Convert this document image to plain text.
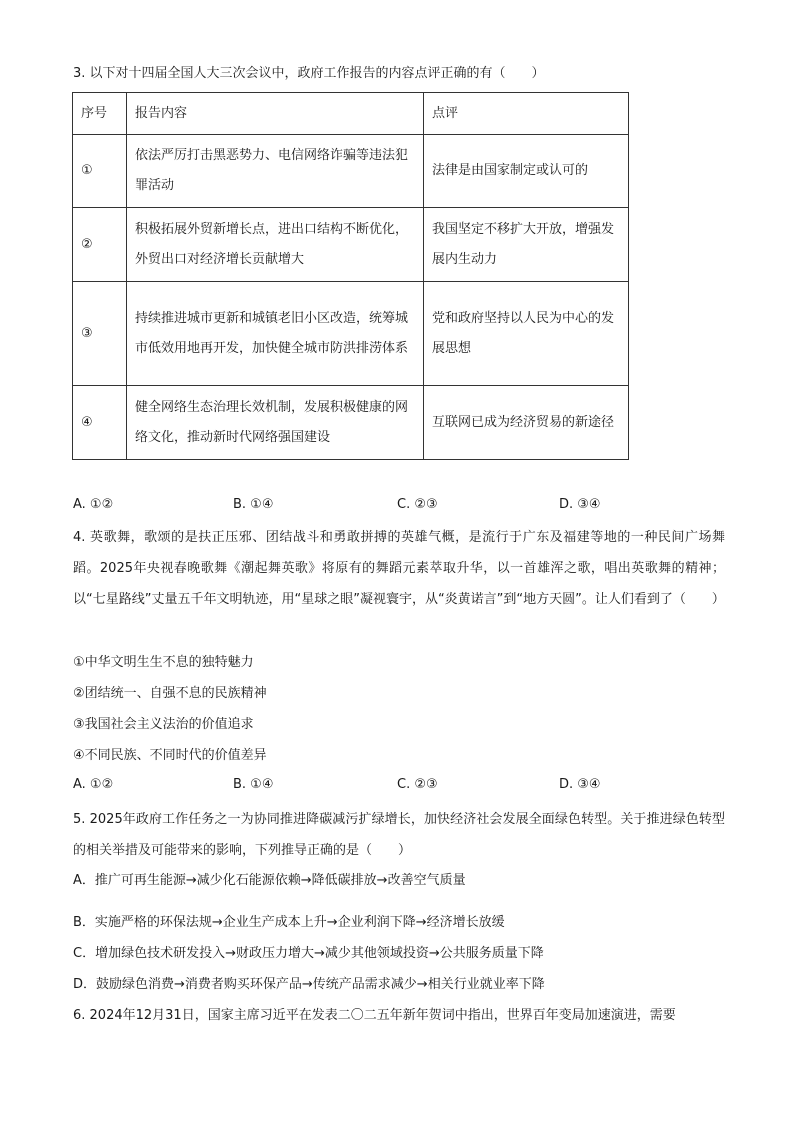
3. 以下对十四届全国人大三次会议中，政府工作报告的内容点评正确的有（　　）
序号	报告内容	点评
①	依法严厉打击黑恶势力、电信网络诈骗等违法犯罪活动	法律是由国家制定或认可的
②	积极拓展外贸新增长点，进出口结构不断优化，外贸出口对经济增长贡献增大	我国坚定不移扩大开放，增强发展内生动力
③	持续推进城市更新和城镇老旧小区改造，统筹城市低效用地再开发，加快健全城市防洪排涝体系	党和政府坚持以人民为中心的发展思想
④	健全网络生态治理长效机制，发展积极健康的网络文化，推动新时代网络强国建设	互联网已成为经济贸易的新途径
A. ①②	B. ①④	C. ②③	D. ③④
4. 英歌舞，歌颂的是扶正压邪、团结战斗和勇敢拼搏的英雄气概，是流行于广东及福建等地的一种民间广场舞蹈。2025年央视春晚歌舞《潮起舞英歌》将原有的舞蹈元素萃取升华，以一首雄浑之歌，唱出英歌舞的精神；以“七星路线”丈量五千年文明轨迹，用“星球之眼”凝视寰宇，从“炎黄诺言”到“地方天圆”。让人们看到了（　　）
①中华文明生生不息的独特魅力
②团结统一、自强不息的民族精神
③我国社会主义法治的价值追求
④不同民族、不同时代的价值差异
A. ①②	B. ①④	C. ②③	D. ③④
5. 2025年政府工作任务之一为协同推进降碳减污扩绿增长，加快经济社会发展全面绿色转型。关于推进绿色转型的相关举措及可能带来的影响，下列推导正确的是（　　）
A．推广可再生能源→减少化石能源依赖→降低碳排放→改善空气质量
B．实施严格的环保法规→企业生产成本上升→企业利润下降→经济增长放缓
C．增加绿色技术研发投入→财政压力增大→减少其他领域投资→公共服务质量下降
D．鼓励绿色消费→消费者购买环保产品→传统产品需求减少→相关行业就业率下降
6. 2024年12月31日，国家主席习近平在发表二〇二五年新年贺词中指出，世界百年变局加速演进，需要
